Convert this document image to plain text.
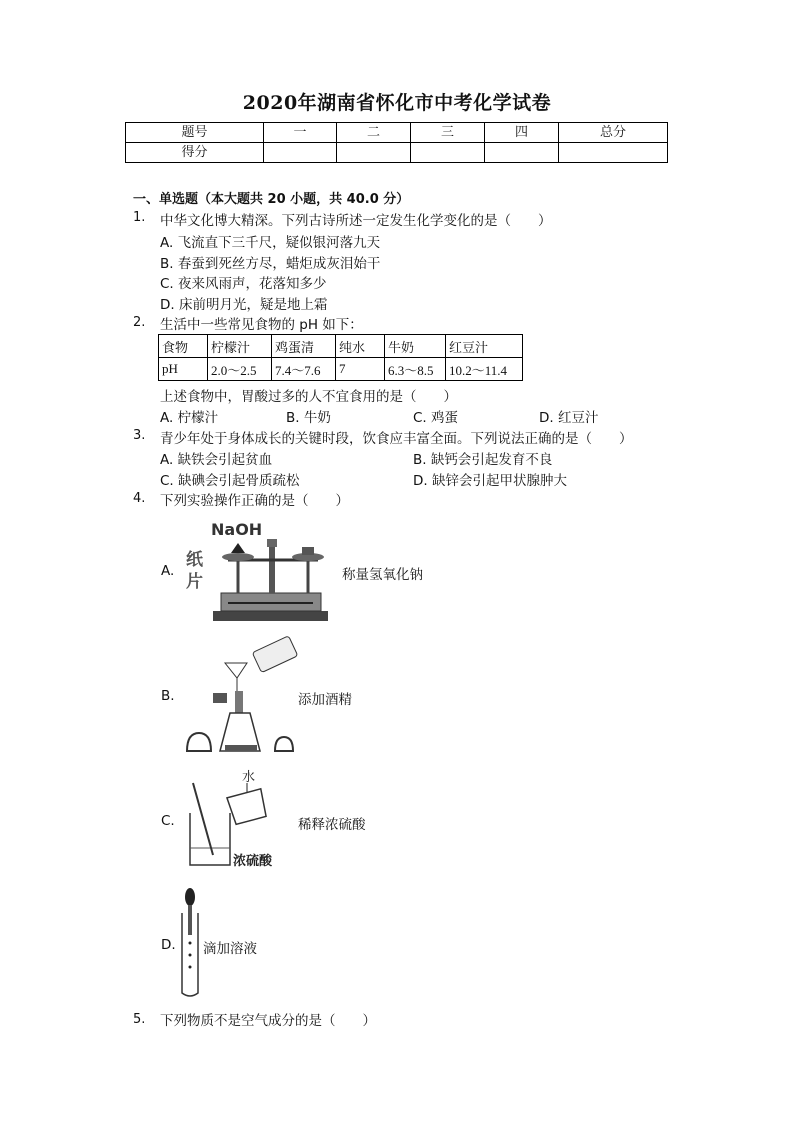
2020年湖南省怀化市中考化学试卷
题号	一	二	三	四	总分
得分					
一、单选题（本大题共 20 小题，共 40.0 分）
1. 中华文化博大精深。下列古诗所述一定发生化学变化的是（　　）
A. 飞流直下三千尺，疑似银河落九天
B. 春蚕到死丝方尽，蜡炬成灰泪始干
C. 夜来风雨声，花落知多少
D. 床前明月光，疑是地上霜
2. 生活中一些常见食物的 pH 如下：
食物	柠檬汁	鸡蛋清	纯水	牛奶	红豆汁
pH	2.0～2.5	7.4～7.6	7	6.3～8.5	10.2～11.4
上述食物中，胃酸过多的人不宜食用的是（　　）
A. 柠檬汁	B. 牛奶	C. 鸡蛋	D. 红豆汁
3. 青少年处于身体成长的关键时段，饮食应丰富全面。下列说法正确的是（　　）
A. 缺铁会引起贫血	B. 缺钙会引起发育不良
C. 缺碘会引起骨质疏松	D. 缺锌会引起甲状腺肿大
4. 下列实验操作正确的是（　　）
A.
NaOH
纸
片	称量氢氧化钠
B.	添加酒精
C.
水
浓硫酸
稀释浓硫酸
D. 滴加溶液
5. 下列物质不是空气成分的是（　　）
